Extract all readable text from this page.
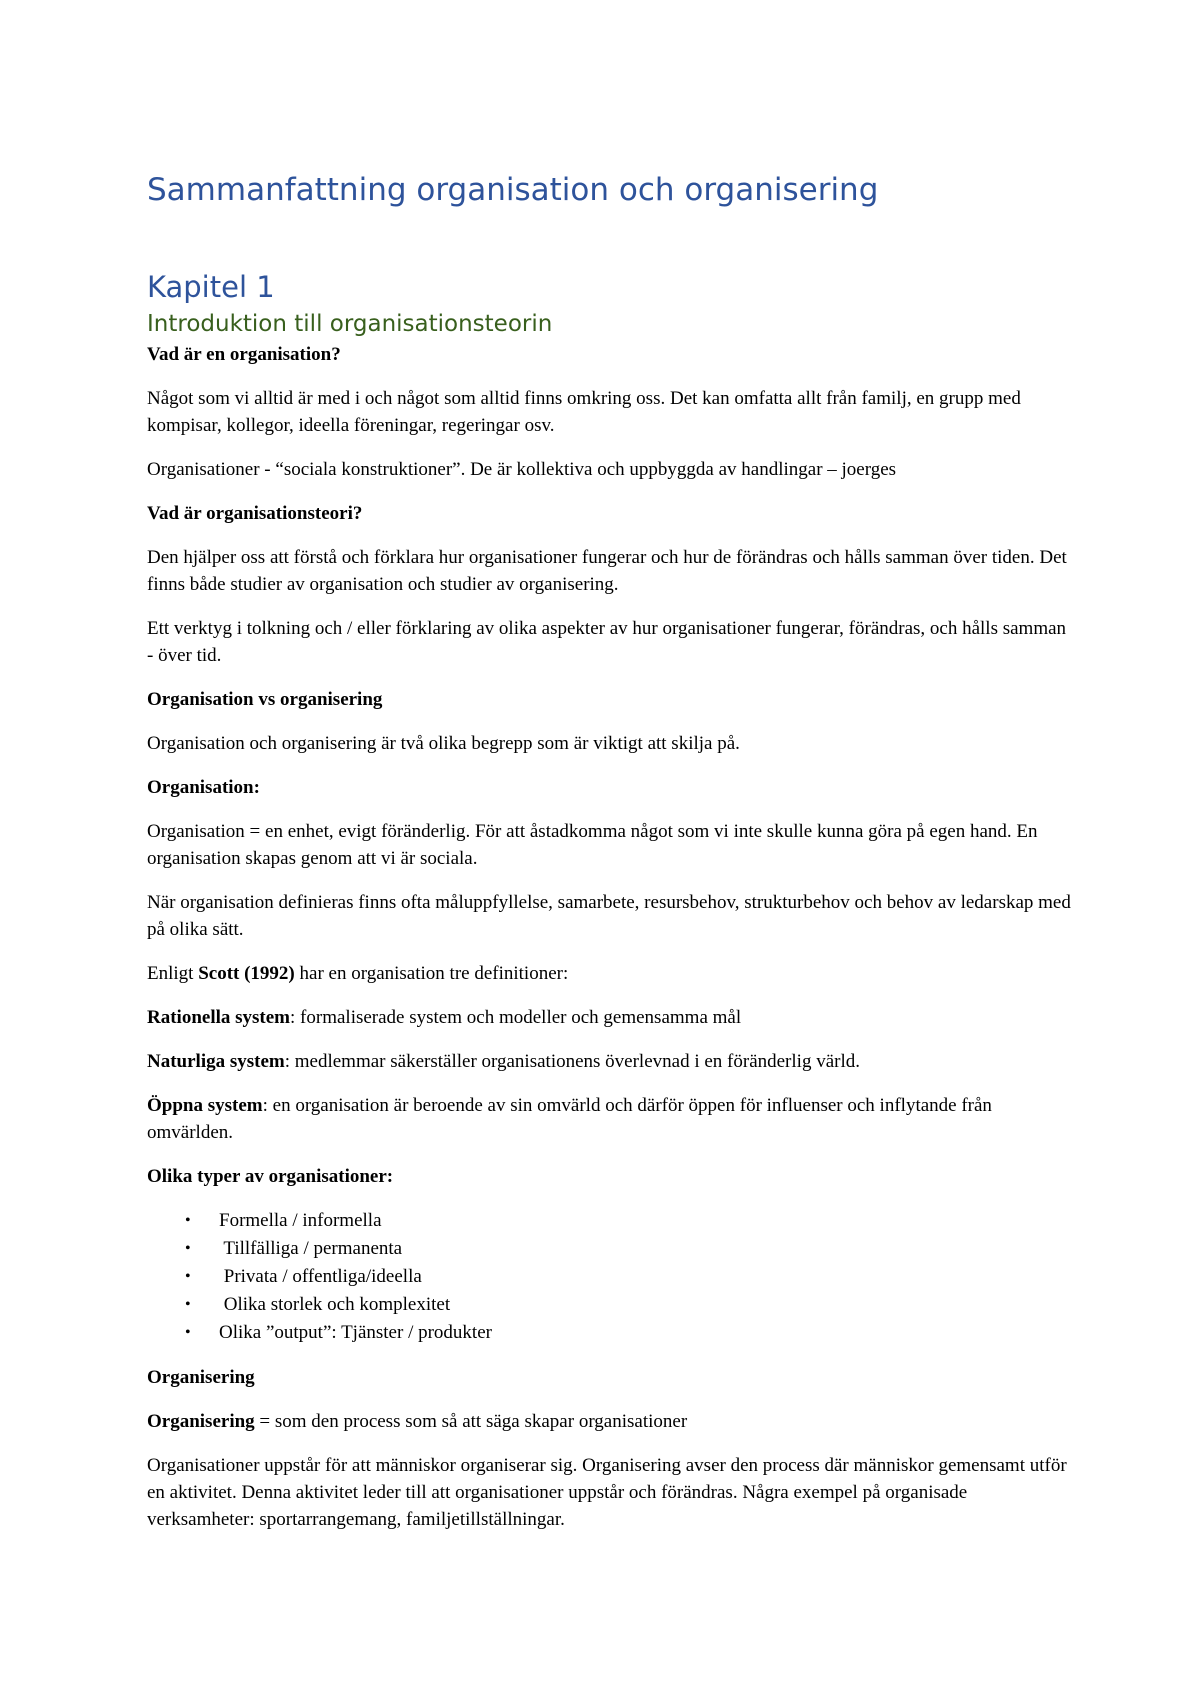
Sammanfattning organisation och organisering
Kapitel 1
Introduktion till organisationsteorin

Vad är en organisation?

Något som vi alltid är med i och något som alltid finns omkring oss. Det kan omfatta allt från familj, en grupp med kompisar, kollegor, ideella föreningar, regeringar osv.

Organisationer - “sociala konstruktioner”. De är kollektiva och uppbyggda av handlingar – joerges

Vad är organisationsteori?

Den hjälper oss att förstå och förklara hur organisationer fungerar och hur de förändras och hålls samman över tiden. Det finns både studier av organisation och studier av organisering.

Ett verktyg i tolkning och / eller förklaring av olika aspekter av hur organisationer fungerar, förändras, och hålls samman - över tid.

Organisation vs organisering

Organisation och organisering är två olika begrepp som är viktigt att skilja på.

Organisation:

Organisation = en enhet, evigt föränderlig. För att åstadkomma något som vi inte skulle kunna göra på egen hand. En organisation skapas genom att vi är sociala.

När organisation definieras finns ofta måluppfyllelse, samarbete, resursbehov, strukturbehov och behov av ledarskap med på olika sätt.

Enligt Scott (1992) har en organisation tre definitioner:

Rationella system: formaliserade system och modeller och gemensamma mål

Naturliga system: medlemmar säkerställer organisationens överlevnad i en föränderlig värld.

Öppna system: en organisation är beroende av sin omvärld och därför öppen för influenser och inflytande från omvärlden.

Olika typer av organisationer:

• Formella / informella
• Tillfälliga / permanenta
• Privata / offentliga/ideella
• Olika storlek och komplexitet
• Olika ”output”: Tjänster / produkter

Organisering

Organisering = som den process som så att säga skapar organisationer

Organisationer uppstår för att människor organiserar sig. Organisering avser den process där människor gemensamt utför en aktivitet. Denna aktivitet leder till att organisationer uppstår och förändras. Några exempel på organisade verksamheter: sportarrangemang, familjetillställningar.
